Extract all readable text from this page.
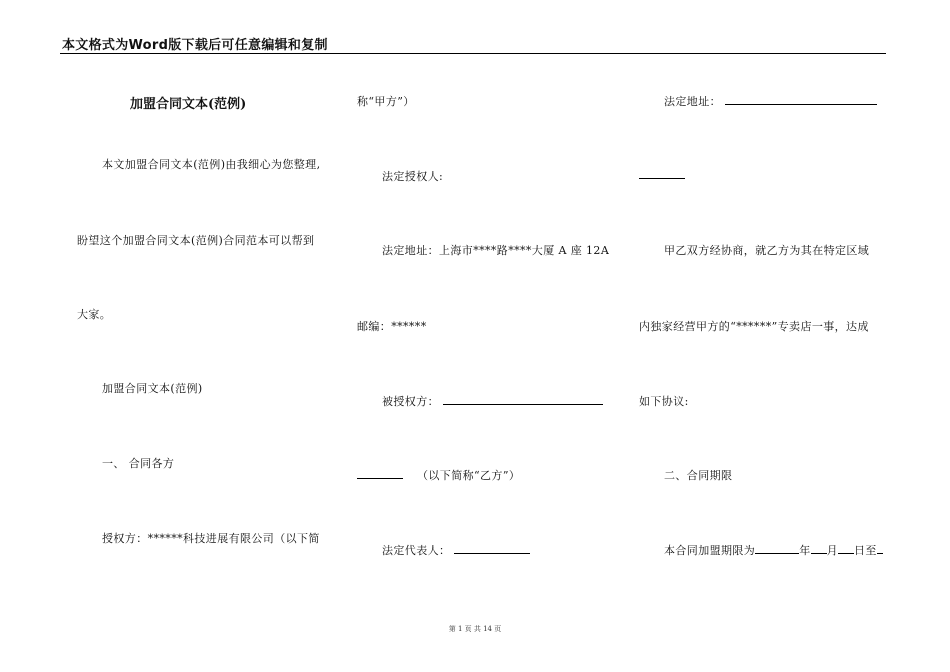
本文格式为Word版下载后可任意编辑和复制
加盟合同文本(范例)
本文加盟合同文本(范例)由我细心为您整理,
盼望这个加盟合同文本(范例)合同范本可以帮到
大家。
加盟合同文本(范例)
一、 合同各方
授权方：******科技进展有限公司（以下简
称“甲方”）
法定授权人:
法定地址：上海市****路****大厦 A 座 12A
邮编：******
被授权方：
（以下简称“乙方”）
法定代表人：
法定地址：
甲乙双方经协商，就乙方为其在特定区域
内独家经营甲方的“******”专卖店一事，达成
如下协议:
二、合同期限
本合同加盟期限为	年 月 日至
第 1 页 共 14 页
